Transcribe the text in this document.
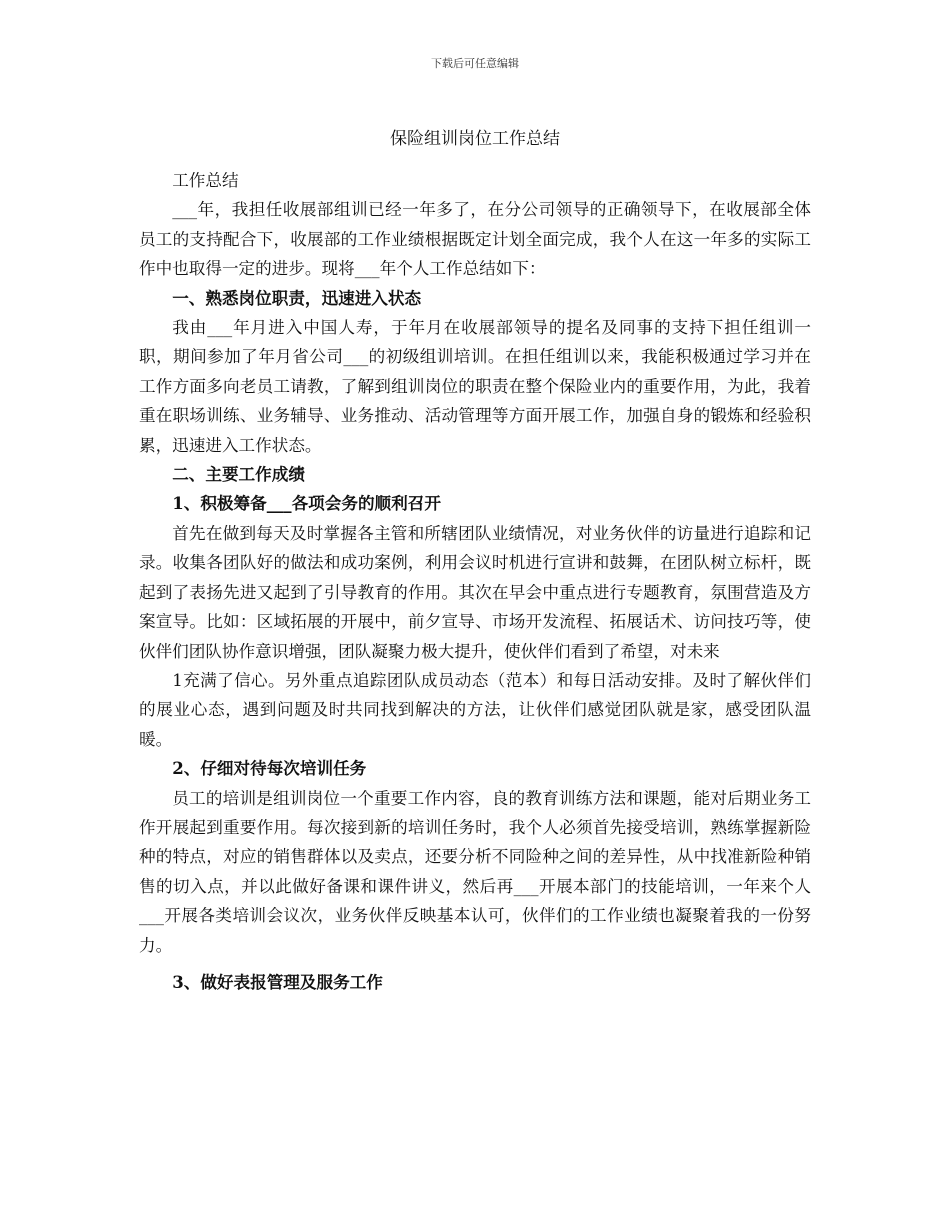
下载后可任意编辑
保险组训岗位工作总结

工作总结

___年，我担任收展部组训已经一年多了，在分公司领导的正确领导下，在收展部全体员工的支持配合下，收展部的工作业绩根据既定计划全面完成，我个人在这一年多的实际工作中也取得一定的进步。现将___年个人工作总结如下：

一、熟悉岗位职责，迅速进入状态

我由___年月进入中国人寿，于年月在收展部领导的提名及同事的支持下担任组训一职，期间参加了年月省公司___的初级组训培训。在担任组训以来，我能积极通过学习并在工作方面多向老员工请教，了解到组训岗位的职责在整个保险业内的重要作用，为此，我着重在职场训练、业务辅导、业务推动、活动管理等方面开展工作，加强自身的锻炼和经验积累，迅速进入工作状态。

二、主要工作成绩

1、积极筹备___各项会务的顺利召开

首先在做到每天及时掌握各主管和所辖团队业绩情况，对业务伙伴的访量进行追踪和记录。收集各团队好的做法和成功案例，利用会议时机进行宣讲和鼓舞，在团队树立标杆，既起到了表扬先进又起到了引导教育的作用。其次在早会中重点进行专题教育，氛围营造及方案宣导。比如：区域拓展的开展中，前夕宣导、市场开发流程、拓展话术、访问技巧等，使伙伴们团队协作意识增强，团队凝聚力极大提升，使伙伴们看到了希望，对未来

1充满了信心。另外重点追踪团队成员动态（范本）和每日活动安排。及时了解伙伴们的展业心态，遇到问题及时共同找到解决的方法，让伙伴们感觉团队就是家，感受团队温暖。

2、仔细对待每次培训任务

员工的培训是组训岗位一个重要工作内容，良的教育训练方法和课题，能对后期业务工作开展起到重要作用。每次接到新的培训任务时，我个人必须首先接受培训，熟练掌握新险种的特点，对应的销售群体以及卖点，还要分析不同险种之间的差异性，从中找准新险种销售的切入点，并以此做好备课和课件讲义，然后再___开展本部门的技能培训，一年来个人___开展各类培训会议次，业务伙伴反映基本认可，伙伴们的工作业绩也凝聚着我的一份努力。

3、做好表报管理及服务工作
